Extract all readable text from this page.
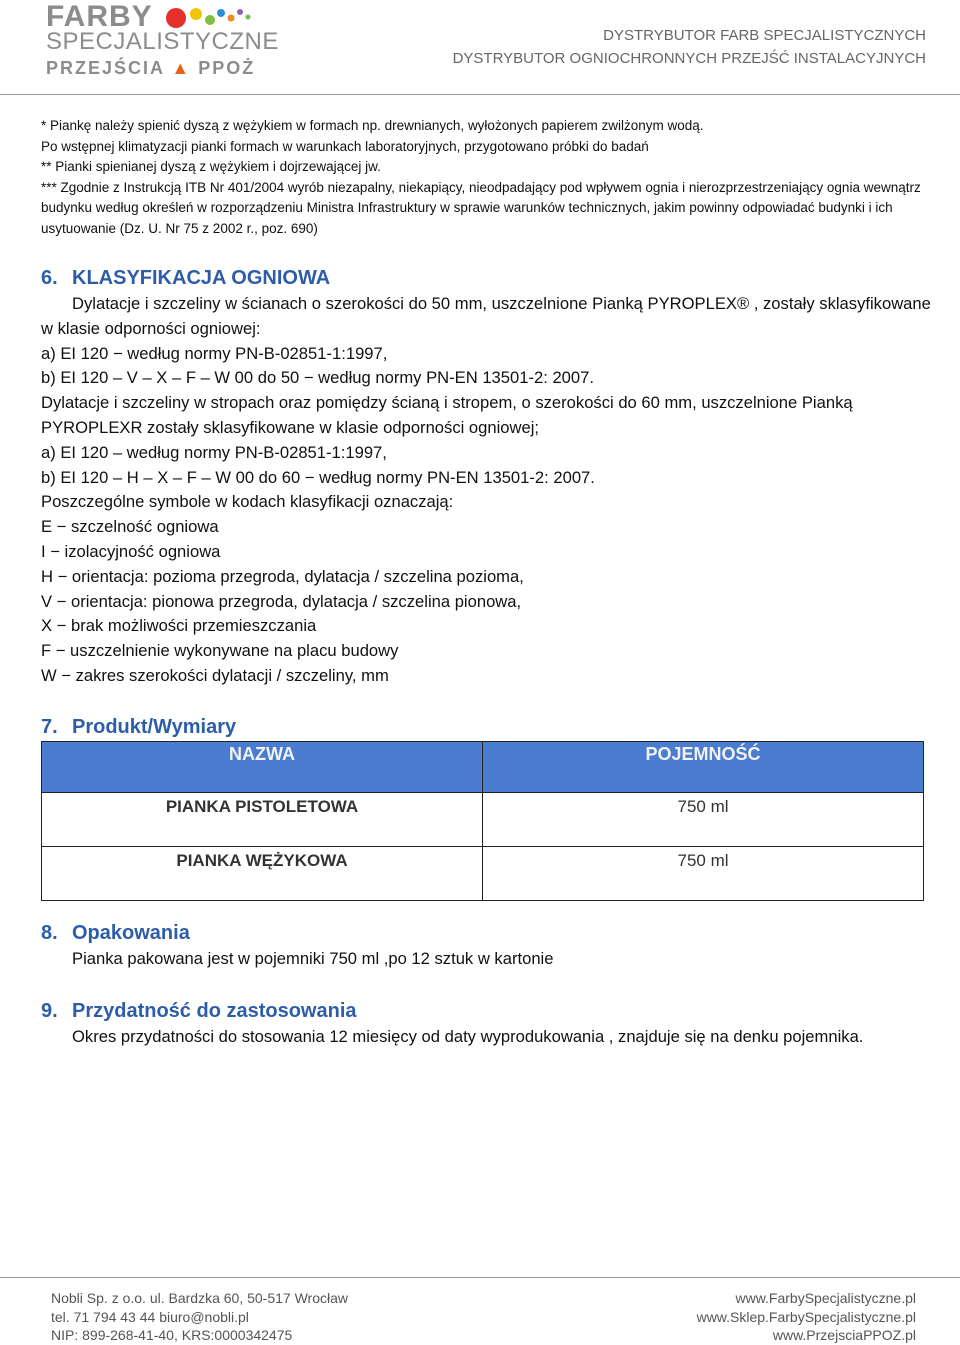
FARBY
SPECJALISTYCZNE
PRZEJŚCIA ▲ PPOŻ
DYSTRYBUTOR FARB SPECJALISTYCZNYCH
DYSTRYBUTOR OGNIOCHRONNYCH PRZEJŚĆ INSTALACYJNYCH

* Piankę należy spienić dyszą z wężykiem w formach np. drewnianych, wyłożonych papierem zwilżonym wodą.

Po wstępnej klimatyzacji pianki formach w warunkach laboratoryjnych, przygotowano próbki do badań

** Pianki spienianej dyszą z wężykiem i dojrzewającej jw.

*** Zgodnie z Instrukcją ITB Nr 401/2004 wyrób niezapalny, niekapiący, nieodpadający pod wpływem ognia i nierozprzestrzeniający ognia wewnątrz budynku według określeń w rozporządzeniu Ministra Infrastruktury w sprawie warunków technicznych, jakim powinny odpowiadać budynki i ich usytuowanie (Dz. U. Nr 75 z 2002 r., poz. 690)

6. KLASYFIKACJA OGNIOWA

Dylatacje i szczeliny w ścianach o szerokości do 50 mm, uszczelnione Pianką PYROPLEX® , zostały sklasyfikowane w klasie odporności ogniowej:

a) EI 120 − według normy PN-B-02851-1:1997,

b) EI 120 – V – X – F – W 00 do 50 − według normy PN-EN 13501-2: 2007.

Dylatacje i szczeliny w stropach oraz pomiędzy ścianą i stropem, o szerokości do 60 mm, uszczelnione Pianką PYROPLEXR zostały sklasyfikowane w klasie odporności ogniowej;

a) EI 120 – według normy PN-B-02851-1:1997,

b) EI 120 – H – X – F – W 00 do 60 − według normy PN-EN 13501-2: 2007.

Poszczególne symbole w kodach klasyfikacji oznaczają:

E − szczelność ogniowa

I − izolacyjność ogniowa

H − orientacja: pozioma przegroda, dylatacja / szczelina pozioma,

V − orientacja: pionowa przegroda, dylatacja / szczelina pionowa,

X − brak możliwości przemieszczania

F − uszczelnienie wykonywane na placu budowy

W − zakres szerokości dylatacji / szczeliny, mm

7. Produkt/Wymiary
NAZWA	POJEMNOŚĆ
PIANKA PISTOLETOWA	750 ml
PIANKA WĘŻYKOWA	750 ml
8. Opakowania

Pianka pakowana jest w pojemniki 750 ml ,po 12 sztuk w kartonie

9. Przydatność do zastosowania

Okres przydatności do stosowania 12 miesięcy od daty wyprodukowania , znajduje się na denku pojemnika.

Nobli Sp. z o.o. ul. Bardzka 60, 50-517 Wrocław

tel. 71 794 43 44 biuro@nobli.pl

NIP: 899-268-41-40, KRS:0000342475

www.FarbySpecjalistyczne.pl

www.Sklep.FarbySpecjalistyczne.pl

www.PrzejsciaPPOZ.pl
